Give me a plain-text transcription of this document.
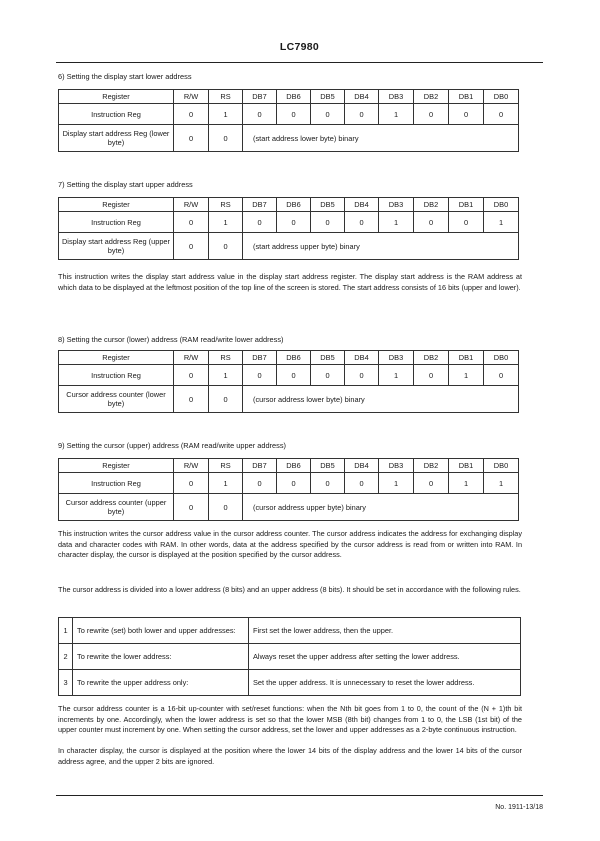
LC7980
6) Setting the display start lower address
Register	R/W	RS	DB7	DB6	DB5	DB4	DB3	DB2	DB1	DB0
Instruction Reg	0	1	0	0	0	0	1	0	0	0
Display start address Reg (lower byte)	0	0	(start address lower byte) binary							
7) Setting the display start upper address
Register	R/W	RS	DB7	DB6	DB5	DB4	DB3	DB2	DB1	DB0
Instruction Reg	0	1	0	0	0	0	1	0	0	1
Display start address Reg (upper byte)	0	0	(start address upper byte) binary							
This instruction writes the display start address value in the display start address register. The display start address is the RAM address at which data to be displayed at the leftmost position of the top line of the screen is stored. The start address consists of 16 bits (upper and lower).
8) Setting the cursor (lower) address (RAM read/write lower address)
Register	R/W	RS	DB7	DB6	DB5	DB4	DB3	DB2	DB1	DB0
Instruction Reg	0	1	0	0	0	0	1	0	1	0
Cursor address counter (lower byte)	0	0	(cursor address lower byte) binary							
9) Setting the cursor (upper) address (RAM read/write upper address)
Register	R/W	RS	DB7	DB6	DB5	DB4	DB3	DB2	DB1	DB0
Instruction Reg	0	1	0	0	0	0	1	0	1	1
Cursor address counter (upper byte)	0	0	(cursor address upper byte) binary							
This instruction writes the cursor address value in the cursor address counter. The cursor address indicates the address for exchanging display data and character codes with RAM. In other words, data at the address specified by the cursor address is read from or written into RAM. In character display, the cursor is displayed at the position specified by the cursor address.
The cursor address is divided into a lower address (8 bits) and an upper address (8 bits). It should be set in accordance with the following rules.
1	To rewrite (set) both lower and upper addresses:	First set the lower address, then the upper.
2	To rewrite the lower address:	Always reset the upper address after setting the lower address.
3	To rewrite the upper address only:	Set the upper address. It is unnecessary to reset the lower address.
The cursor address counter is a 16-bit up-counter with set/reset functions: when the Nth bit goes from 1 to 0, the count of the (N + 1)th bit increments by one. Accordingly, when the lower address is set so that the lower MSB (8th bit) changes from 1 to 0, the LSB (1st bit) of the upper counter must increment by one. When setting the cursor address, set the lower and upper addresses as a 2-byte continuous instruction.
In character display, the cursor is displayed at the position where the lower 14 bits of the display address and the lower 14 bits of the cursor address agree, and the upper 2 bits are ignored.
No. 1911-13/18
